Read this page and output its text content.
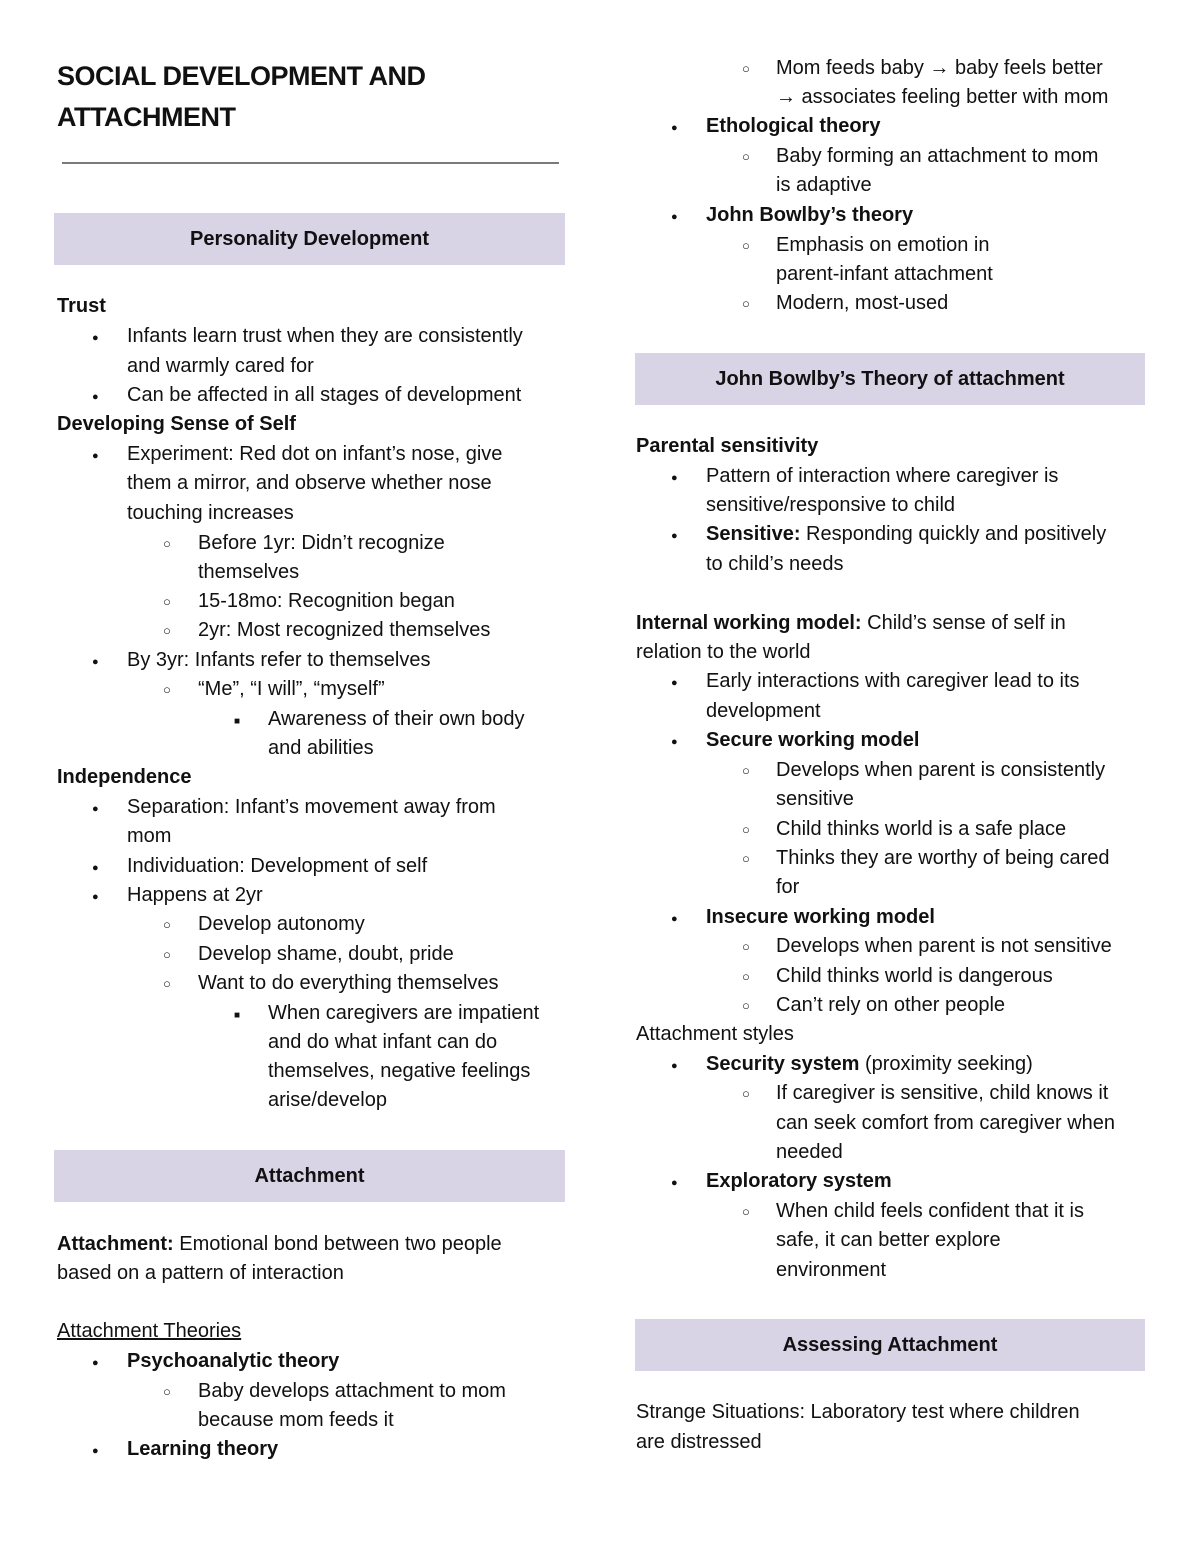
SOCIAL DEVELOPMENT AND
ATTACHMENT
Personality Development
Trust
●
Infants learn trust when they are consistently
and warmly cared for
●
Can be affected in all stages of development
Developing Sense of Self
●
Experiment: Red dot on infant’s nose, give
them a mirror, and observe whether nose
touching increases
○
Before 1yr: Didn’t recognize
themselves
○
15-18mo: Recognition began
○
2yr: Most recognized themselves
●
By 3yr: Infants refer to themselves
○
“Me”, “I will”, “myself”
■
Awareness of their own body
and abilities
Independence
●
Separation: Infant’s movement away from
mom
●
Individuation: Development of self
●
Happens at 2yr
○
Develop autonomy
○
Develop shame, doubt, pride
○
Want to do everything themselves
■
When caregivers are impatient
and do what infant can do
themselves, negative feelings
arise/develop
Attachment
Attachment: Emotional bond between two people
based on a pattern of interaction
Attachment Theories
●
Psychoanalytic theory
○
Baby develops attachment to mom
because mom feeds it
●
Learning theory
○
Mom feeds baby → baby feels better
→ associates feeling better with mom
●
Ethological theory
○
Baby forming an attachment to mom
is adaptive
●
John Bowlby’s theory
○
Emphasis on emotion in
parent-infant attachment
○
Modern, most-used
John Bowlby’s Theory of attachment
Parental sensitivity
●
Pattern of interaction where caregiver is
sensitive/responsive to child
●
Sensitive: Responding quickly and positively
to child’s needs
Internal working model: Child’s sense of self in
relation to the world
●
Early interactions with caregiver lead to its
development
●
Secure working model
○
Develops when parent is consistently
sensitive
○
Child thinks world is a safe place
○
Thinks they are worthy of being cared
for
●
Insecure working model
○
Develops when parent is not sensitive
○
Child thinks world is dangerous
○
Can’t rely on other people
Attachment styles
●
Security system (proximity seeking)
○
If caregiver is sensitive, child knows it
can seek comfort from caregiver when
needed
●
Exploratory system
○
When child feels confident that it is
safe, it can better explore
environment
Assessing Attachment
Strange Situations: Laboratory test where children
are distressed
